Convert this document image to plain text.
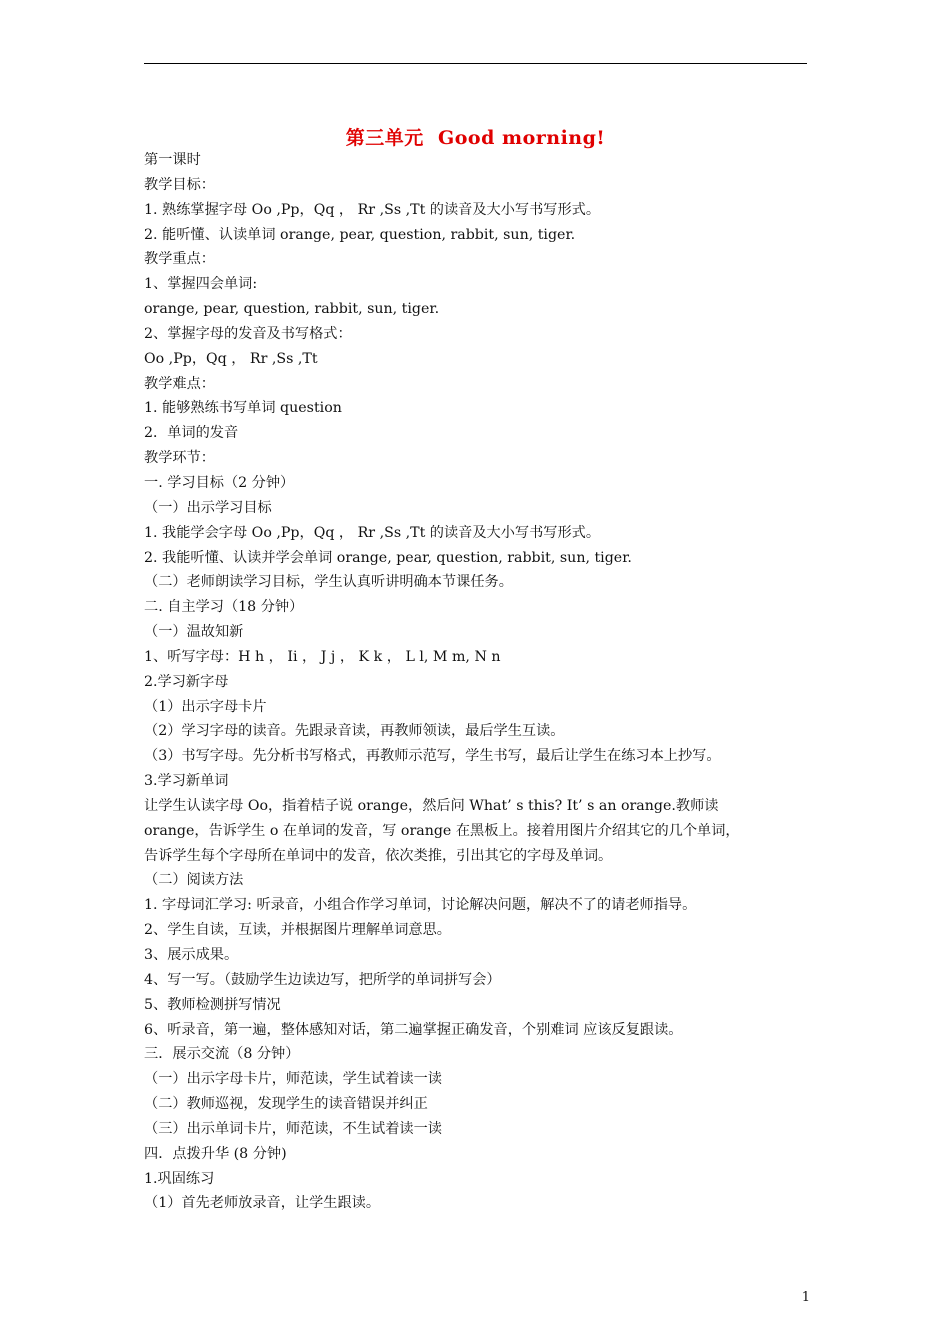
第三单元  Good morning!
第一课时
教学目标：
1. 熟练掌握字母 Oo ,Pp，Qq ， Rr ,Ss ,Tt 的读音及大小写书写形式。
2. 能听懂、认读单词 orange, pear, question, rabbit, sun, tiger.
教学重点：
1、掌握四会单词:
orange, pear, question, rabbit, sun, tiger.
2、掌握字母的发音及书写格式：
Oo ,Pp，Qq ， Rr ,Ss ,Tt
教学难点：
1. 能够熟练书写单词 question
2．单词的发音
教学环节：
一. 学习目标（2 分钟）
（一）出示学习目标
1. 我能学会字母 Oo ,Pp，Qq ， Rr ,Ss ,Tt 的读音及大小写书写形式。
2. 我能听懂、认读并学会单词 orange, pear, question, rabbit, sun, tiger.
（二）老师朗读学习目标，学生认真听讲明确本节课任务。
二. 自主学习（18 分钟）
（一）温故知新
1、听写字母：H h ， Ii ， J j ， K k ， L l, M m, N n
2.学习新字母
（1）出示字母卡片
（2）学习字母的读音。先跟录音读，再教师领读，最后学生互读。
（3）书写字母。先分析书写格式，再教师示范写，学生书写，最后让学生在练习本上抄写。
3.学习新单词
让学生认读字母 Oo，指着桔子说 orange，然后问 What’ s this? It’ s an orange.教师读
orange，告诉学生 o 在单词的发音，写 orange 在黑板上。接着用图片介绍其它的几个单词，
告诉学生每个字母所在单词中的发音，依次类推，引出其它的字母及单词。
（二）阅读方法
1. 字母词汇学习: 听录音，小组合作学习单词，讨论解决问题，解决不了的请老师指导。
2、学生自读，互读，并根据图片理解单词意思。
3、展示成果。
4、写一写。（鼓励学生边读边写，把所学的单词拼写会）
5、教师检测拼写情况
6、听录音，第一遍，整体感知对话，第二遍掌握正确发音，个别难词 应该反复跟读。
三．展示交流（8 分钟）
（一）出示字母卡片，师范读，学生试着读一读
（二）教师巡视，发现学生的读音错误并纠正
（三）出示单词卡片，师范读，不生试着读一读
四．点拨升华 (8 分钟)
1.巩固练习
（1）首先老师放录音，让学生跟读。
1
